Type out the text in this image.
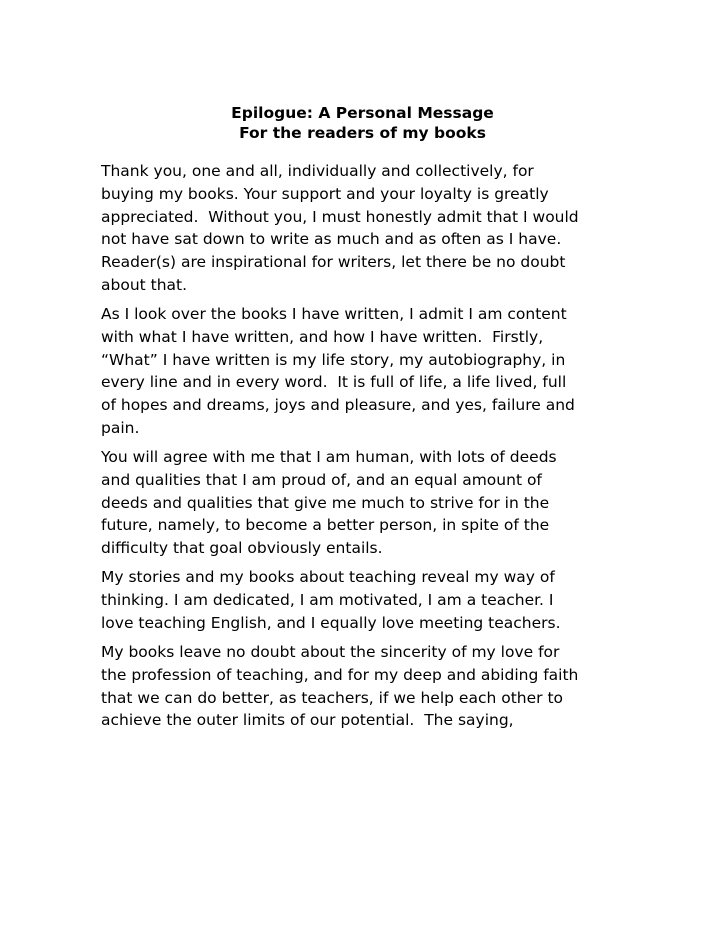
Epilogue: A Personal Message
For the readers of my books
Thank you, one and all, individually and collectively, for
buying my books. Your support and your loyalty is greatly
appreciated.  Without you, I must honestly admit that I would
not have sat down to write as much and as often as I have.
Reader(s) are inspirational for writers, let there be no doubt
about that.
As I look over the books I have written, I admit I am content
with what I have written, and how I have written.  Firstly,
“What” I have written is my life story, my autobiography, in
every line and in every word.  It is full of life, a life lived, full
of hopes and dreams, joys and pleasure, and yes, failure and
pain.
You will agree with me that I am human, with lots of deeds
and qualities that I am proud of, and an equal amount of
deeds and qualities that give me much to strive for in the
future, namely, to become a better person, in spite of the
difficulty that goal obviously entails.
My stories and my books about teaching reveal my way of
thinking. I am dedicated, I am motivated, I am a teacher. I
love teaching English, and I equally love meeting teachers.
My books leave no doubt about the sincerity of my love for
the profession of teaching, and for my deep and abiding faith
that we can do better, as teachers, if we help each other to
achieve the outer limits of our potential.  The saying,
